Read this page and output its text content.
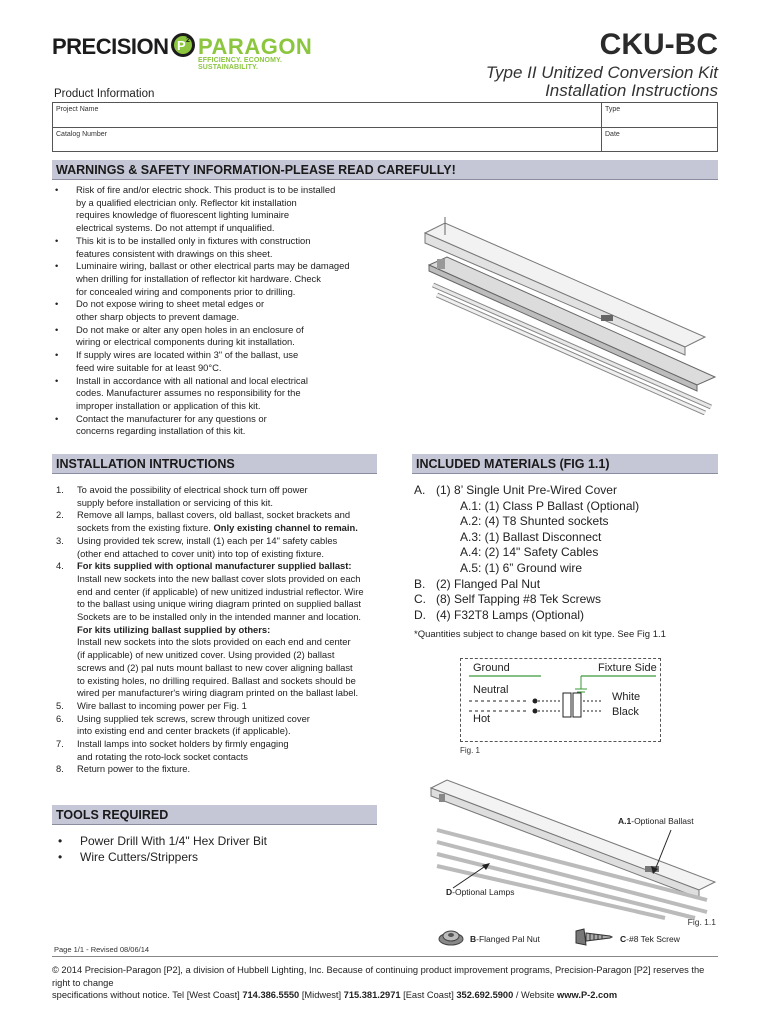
PRECISION P 2 PARAGON
EFFICIENCY. ECONOMY. SUSTAINABILITY.
CKU-BC
Type II Unitized Conversion Kit
Installation Instructions
Product Information
Project Name	Type
Catalog Number	Date
WARNINGS & SAFETY INFORMATION-PLEASE READ CAREFULLY!
• Risk of fire and/or electric shock. This product is to be installed
by a qualified electrician only. Reflector kit installation
requires knowledge of fluorescent lighting luminaire
electrical systems. Do not attempt if unqualified.
• This kit is to be installed only in fixtures with construction
features consistent with drawings on this sheet.
• Luminaire wiring, ballast or other electrical parts may be damaged
when drilling for installation of reflector kit hardware. Check
for concealed wiring and components prior to drilling.
• Do not expose wiring to sheet metal edges or
other sharp objects to prevent damage.
• Do not make or alter any open holes in an enclosure of
wiring or electrical components during kit installation.
• If supply wires are located within 3" of the ballast, use
feed wire suitable for at least 90°C.
• Install in accordance with all national and local electrical
codes. Manufacturer assumes no responsibility for the
improper installation or application of this kit.
• Contact the manufacturer for any questions or
concerns regarding installation of this kit.
INSTALLATION INTRUCTIONS
1. To avoid the possibility of electrical shock turn off power
supply before installation or servicing of this kit.
2. Remove all lamps, ballast covers, old ballast, socket brackets and
sockets from the existing fixture. Only existing channel to remain.
3. Using provided tek screw, install (1) each per 14" safety cables
(other end attached to cover unit) into top of existing fixture.
4. For kits supplied with optional manufacturer supplied ballast:
Install new sockets into the new ballast cover slots provided on each
end and center (if applicable) of new unitized industrial reflector. Wire
to the ballast using unique wiring diagram printed on supplied ballast
Sockets are to be installed only in the intended manner and location.
For kits utilizing ballast supplied by others:
Install new sockets into the slots provided on each end and center
(if applicable) of new unitized cover. Using provided (2) ballast
screws and (2) pal nuts mount ballast to new cover aligning ballast
to existing holes, no drilling required. Ballast and sockets should be
wired per manufacturer's wiring diagram printed on the ballast label.
5. Wire ballast to incoming power per Fig. 1
6. Using supplied tek screws, screw through unitized cover
into existing end and center brackets (if applicable).
7. Install lamps into socket holders by firmly engaging
and rotating the roto-lock socket contacts
8. Return power to the fixture.
TOOLS REQUIRED
• Power Drill With 1/4" Hex Driver Bit
• Wire Cutters/Strippers
INCLUDED MATERIALS (FIG 1.1)
A. (1) 8’ Single Unit Pre-Wired Cover
A.1: (1) Class P Ballast (Optional)
A.2: (4) T8 Shunted sockets
A.3: (1) Ballast Disconnect
A.4: (2) 14" Safety Cables
A.5: (1) 6” Ground wire
B. (2) Flanged Pal Nut
C. (8) Self Tapping #8 Tek Screws
D. (4) F32T8 Lamps (Optional)
*Quantities subject to change based on kit type. See Fig 1.1
Ground	Fixture Side
Neutral
White
Hot
Black
Fig. 1
A.1-Optional Ballast
D-Optional Lamps
Fig. 1.1
B-Flanged Pal Nut	C-#8 Tek Screw
Page 1/1 - Revised 08/06/14
© 2014 Precision-Paragon [P2], a division of Hubbell Lighting, Inc. Because of continuing product improvement programs, Precision-Paragon [P2] reserves the right to change
specifications without notice. Tel [West Coast] 714.386.5550 [Midwest] 715.381.2971 [East Coast] 352.692.5900 / Website www.P-2.com
